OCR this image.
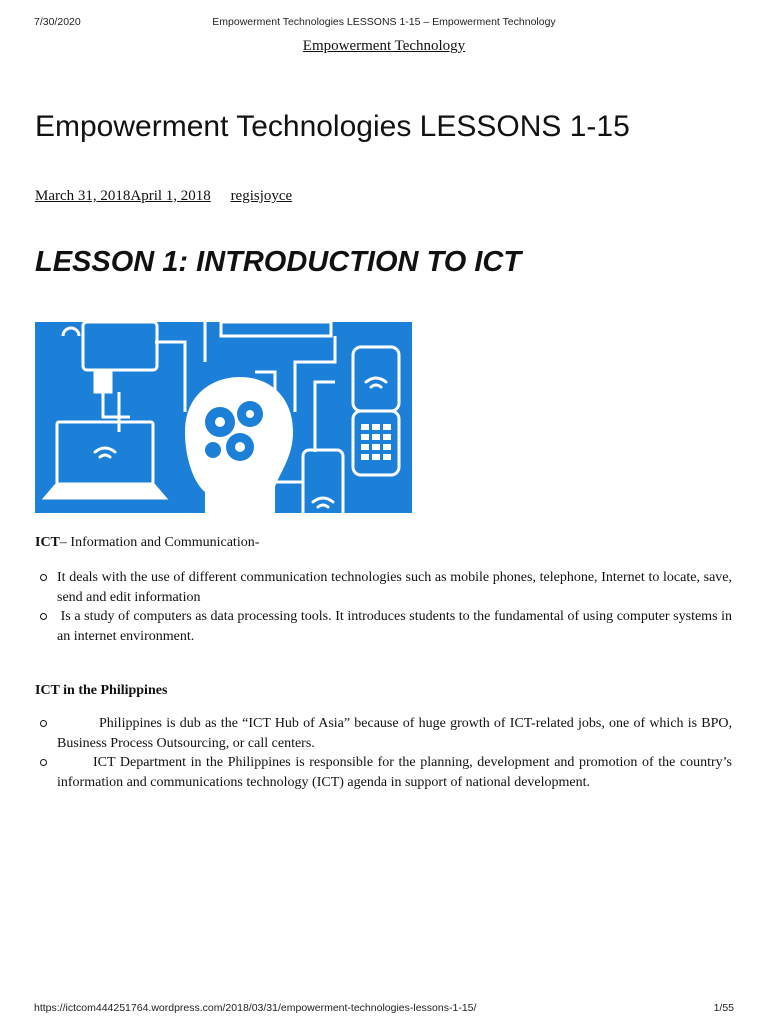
7/30/2020	Empowerment Technologies LESSONS 1-15 – Empowerment Technology
Empowerment Technology
Empowerment Technologies LESSONS 1-15
March 31, 2018April 1, 2018 regisjoyce
LESSON 1: INTRODUCTION TO ICT
ICT– Information and Communication-
It deals with the use of different communication technologies such as mobile phones, telephone, Internet to locate, save, send and edit information
Is a study of computers as data processing tools. It introduces students to the fundamental of using computer systems in an internet environment.
ICT in the Philippines
Philippines is dub as the “ICT Hub of Asia” because of huge growth of ICT-related jobs, one of which is BPO, Business Process Outsourcing, or call centers.
ICT Department in the Philippines is responsible for the planning, development and promotion of the country’s information and communications technology (ICT) agenda in support of national development.
https://ictcom444251764.wordpress.com/2018/03/31/empowerment-technologies-lessons-1-15/	1/55
